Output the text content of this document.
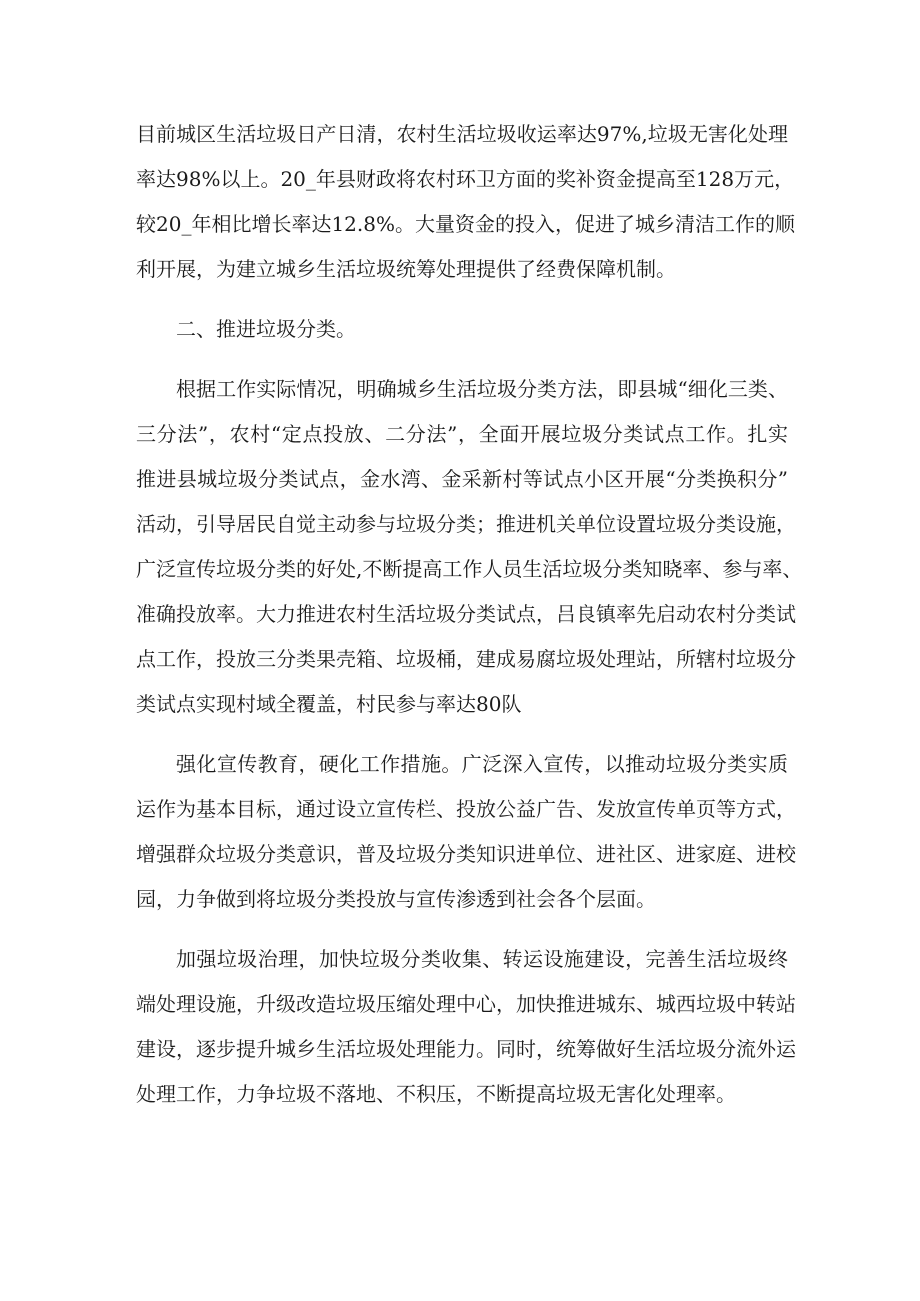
目前城区生活垃圾日产日清，农村生活垃圾收运率达97%,垃圾无害化处理
率达98%以上。20_年县财政将农村环卫方面的奖补资金提高至128万元，
较20_年相比增长率达12.8%。大量资金的投入，促进了城乡清洁工作的顺
利开展，为建立城乡生活垃圾统筹处理提供了经费保障机制。

二、推进垃圾分类。

根据工作实际情况，明确城乡生活垃圾分类方法，即县城“细化三类、
三分法”，农村“定点投放、二分法”，全面开展垃圾分类试点工作。扎实
推进县城垃圾分类试点，金水湾、金采新村等试点小区开展“分类换积分”
活动，引导居民自觉主动参与垃圾分类；推进机关单位设置垃圾分类设施，
广泛宣传垃圾分类的好处,不断提高工作人员生活垃圾分类知晓率、参与率、
准确投放率。大力推进农村生活垃圾分类试点，吕良镇率先启动农村分类试
点工作，投放三分类果壳箱、垃圾桶，建成易腐垃圾处理站，所辖村垃圾分
类试点实现村域全覆盖，村民参与率达80队

强化宣传教育，硬化工作措施。广泛深入宣传，以推动垃圾分类实质
运作为基本目标，通过设立宣传栏、投放公益广告、发放宣传单页等方式，
增强群众垃圾分类意识，普及垃圾分类知识进单位、进社区、进家庭、进校
园，力争做到将垃圾分类投放与宣传渗透到社会各个层面。

加强垃圾治理，加快垃圾分类收集、转运设施建设，完善生活垃圾终
端处理设施，升级改造垃圾压缩处理中心，加快推进城东、城西垃圾中转站
建设，逐步提升城乡生活垃圾处理能力。同时，统筹做好生活垃圾分流外运
处理工作，力争垃圾不落地、不积压，不断提高垃圾无害化处理率。
